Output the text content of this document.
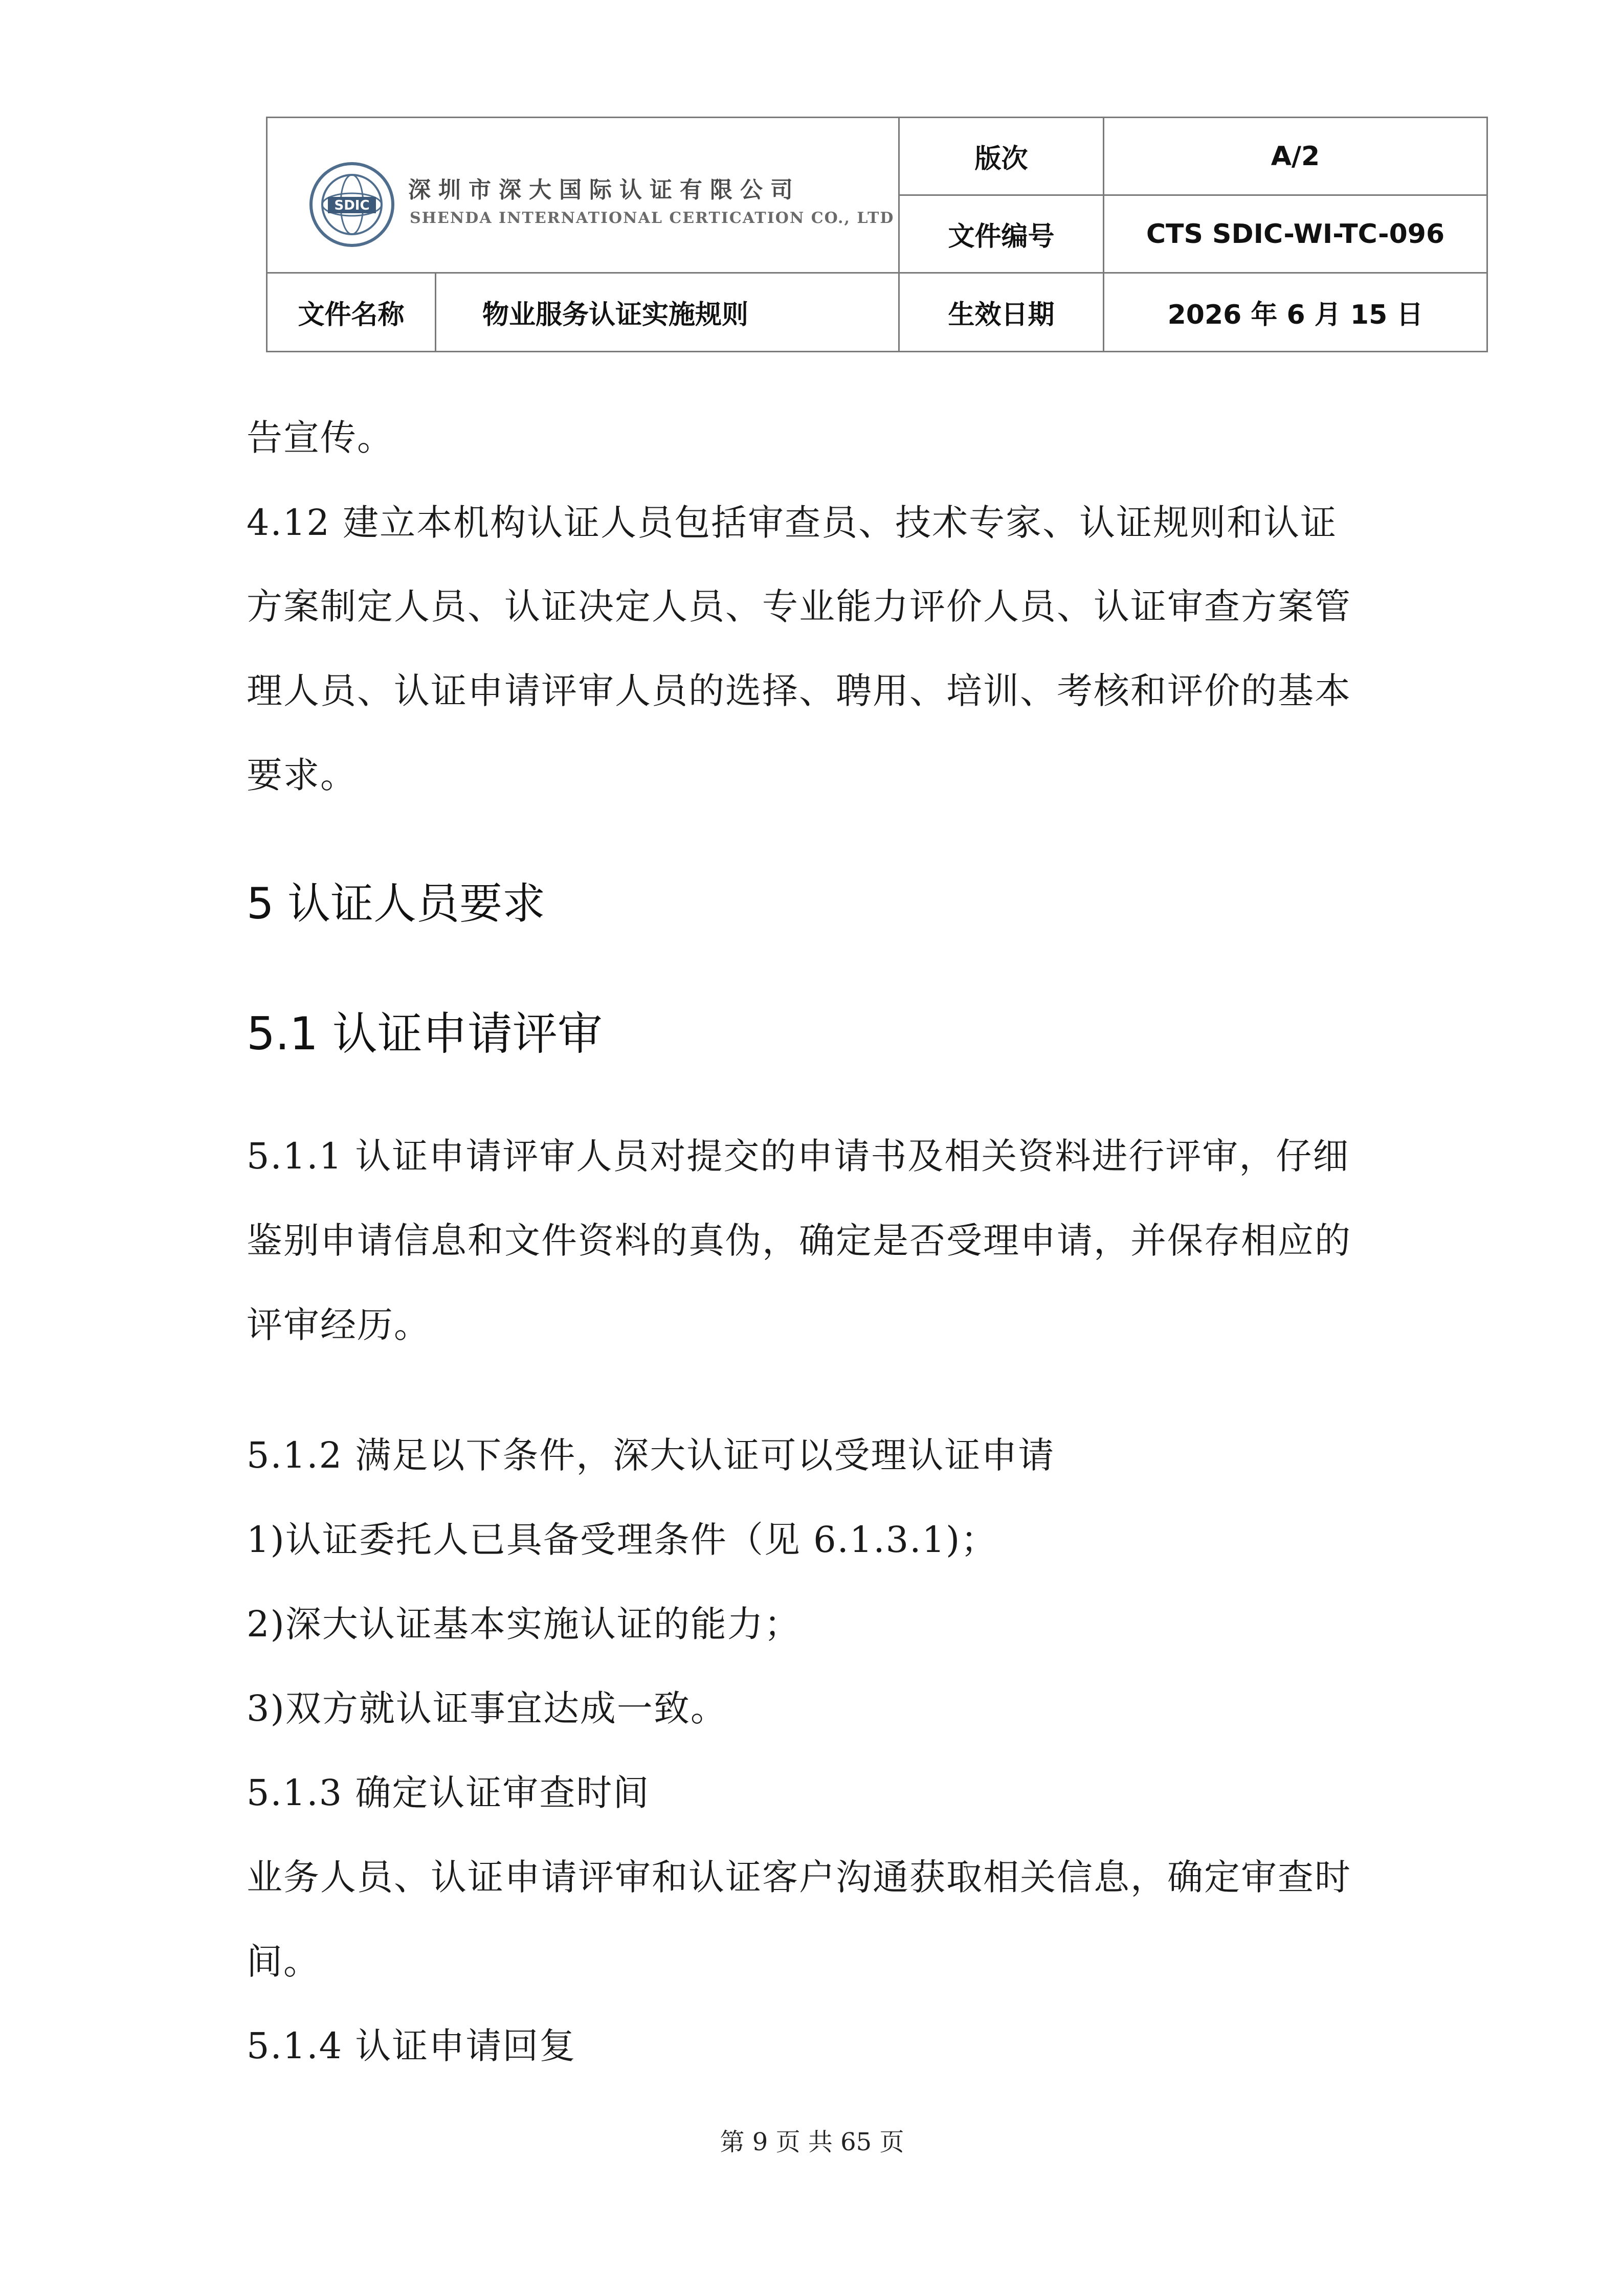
SDIC
深圳市深大国际认证有限公司
SHENDA INTERNATIONAL CERTICATION CO., LTD		版次	A/2
		文件编号	CTS SDIC-WI-TC-096
文件名称	物业服务认证实施规则	生效日期	2026 年 6 月 15 日
告宣传。
4.12 建立本机构认证人员包括审查员、技术专家、认证规则和认证
方案制定人员、认证决定人员、专业能力评价人员、认证审查方案管
理人员、认证申请评审人员的选择、聘用、培训、考核和评价的基本
要求。
5 认证人员要求
5.1 认证申请评审
5.1.1 认证申请评审人员对提交的申请书及相关资料进行评审，仔细
鉴别申请信息和文件资料的真伪，确定是否受理申请，并保存相应的
评审经历。
5.1.2 满足以下条件，深大认证可以受理认证申请
1)认证委托人已具备受理条件（见 6.1.3.1)；
2)深大认证基本实施认证的能力；
3)双方就认证事宜达成一致。
5.1.3 确定认证审查时间
业务人员、认证申请评审和认证客户沟通获取相关信息，确定审查时
间。
5.1.4 认证申请回复
第 9 页 共 65 页
